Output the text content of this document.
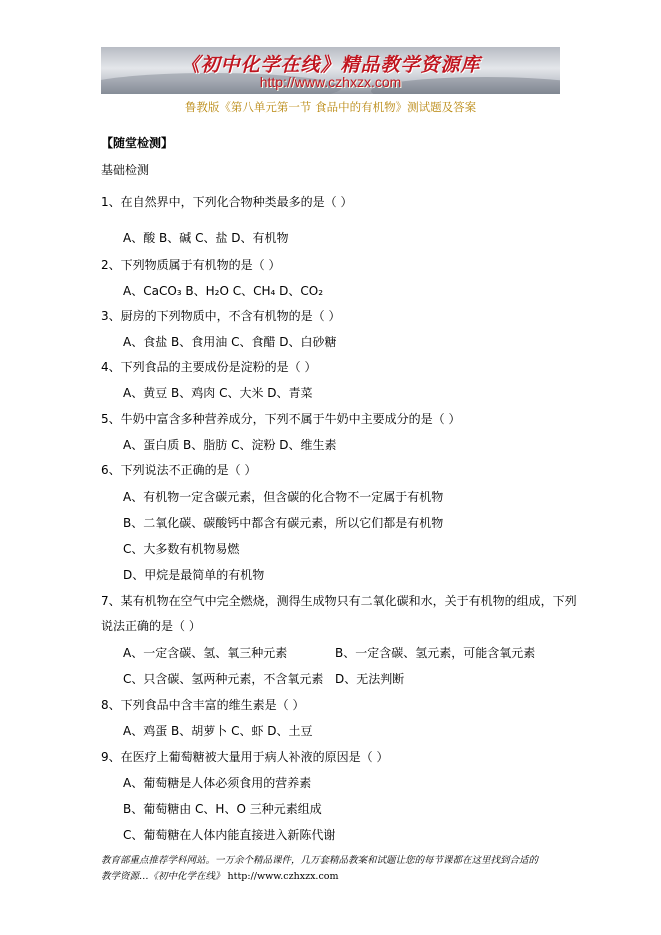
《初中化学在线》精品教学资源库
http://www.czhxzx.com
鲁教版《第八单元第一节 食品中的有机物》测试题及答案
【随堂检测】
基础检测
1、在自然界中，下列化合物种类最多的是（ ）
A、酸 B、碱 C、盐 D、有机物
2、下列物质属于有机物的是（ ）
A、CaCO₃ B、H₂O C、CH₄ D、CO₂
3、厨房的下列物质中，不含有机物的是（ ）
A、食盐 B、食用油 C、食醋 D、白砂糖
4、下列食品的主要成份是淀粉的是（ ）
A、黄豆 B、鸡肉 C、大米 D、青菜
5、牛奶中富含多种营养成分，下列不属于牛奶中主要成分的是（ ）
A、蛋白质 B、脂肪 C、淀粉 D、维生素
6、下列说法不正确的是（ ）
A、有机物一定含碳元素，但含碳的化合物不一定属于有机物
B、二氧化碳、碳酸钙中都含有碳元素，所以它们都是有机物
C、大多数有机物易燃
D、甲烷是最简单的有机物
7、某有机物在空气中完全燃烧，测得生成物只有二氧化碳和水，关于有机物的组成，下列
说法正确的是（ ）
A、一定含碳、氢、氧三种元素	B、一定含碳、氢元素，可能含氧元素
C、只含碳、氢两种元素，不含氧元素 D、无法判断
8、下列食品中含丰富的维生素是（ ）
A、鸡蛋 B、胡萝卜 C、虾 D、土豆
9、在医疗上葡萄糖被大量用于病人补液的原因是（ ）
A、葡萄糖是人体必须食用的营养素
B、葡萄糖由 C、H、O 三种元素组成
C、葡萄糖在人体内能直接进入新陈代谢
教育部重点推荐学科网站。一万余个精品课件，几万套精品教案和试题让您的每节课都在这里找到合适的
教学资源…《初中化学在线》 http://www.czhxzx.com
